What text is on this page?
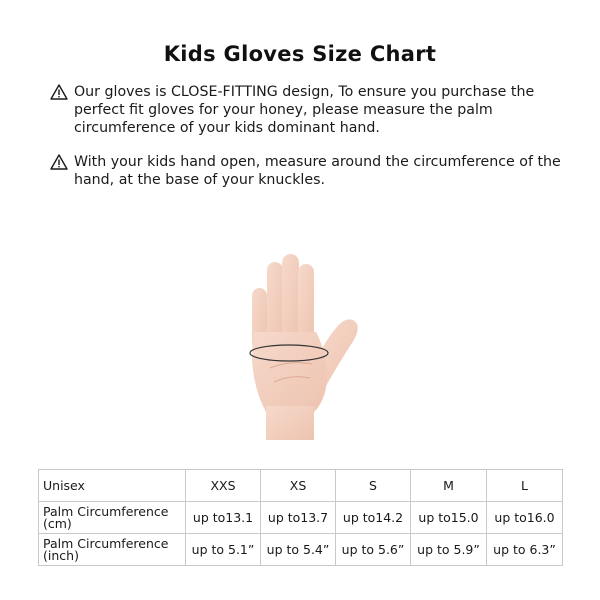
Kids Gloves Size Chart
Our gloves is CLOSE-FITTING design, To ensure you purchase the perfect fit gloves for your honey, please measure the palm circumference of your kids dominant hand.
With your kids hand open, measure around the circumference of the hand, at the base of your knuckles.
Unisex	XXS	XS	S	M	L
Palm Circumference (cm)	up to13.1	up to13.7	up to14.2	up to15.0	up to16.0
Palm Circumference (inch)	up to 5.1”	up to 5.4”	up to 5.6”	up to 5.9”	up to 6.3”
